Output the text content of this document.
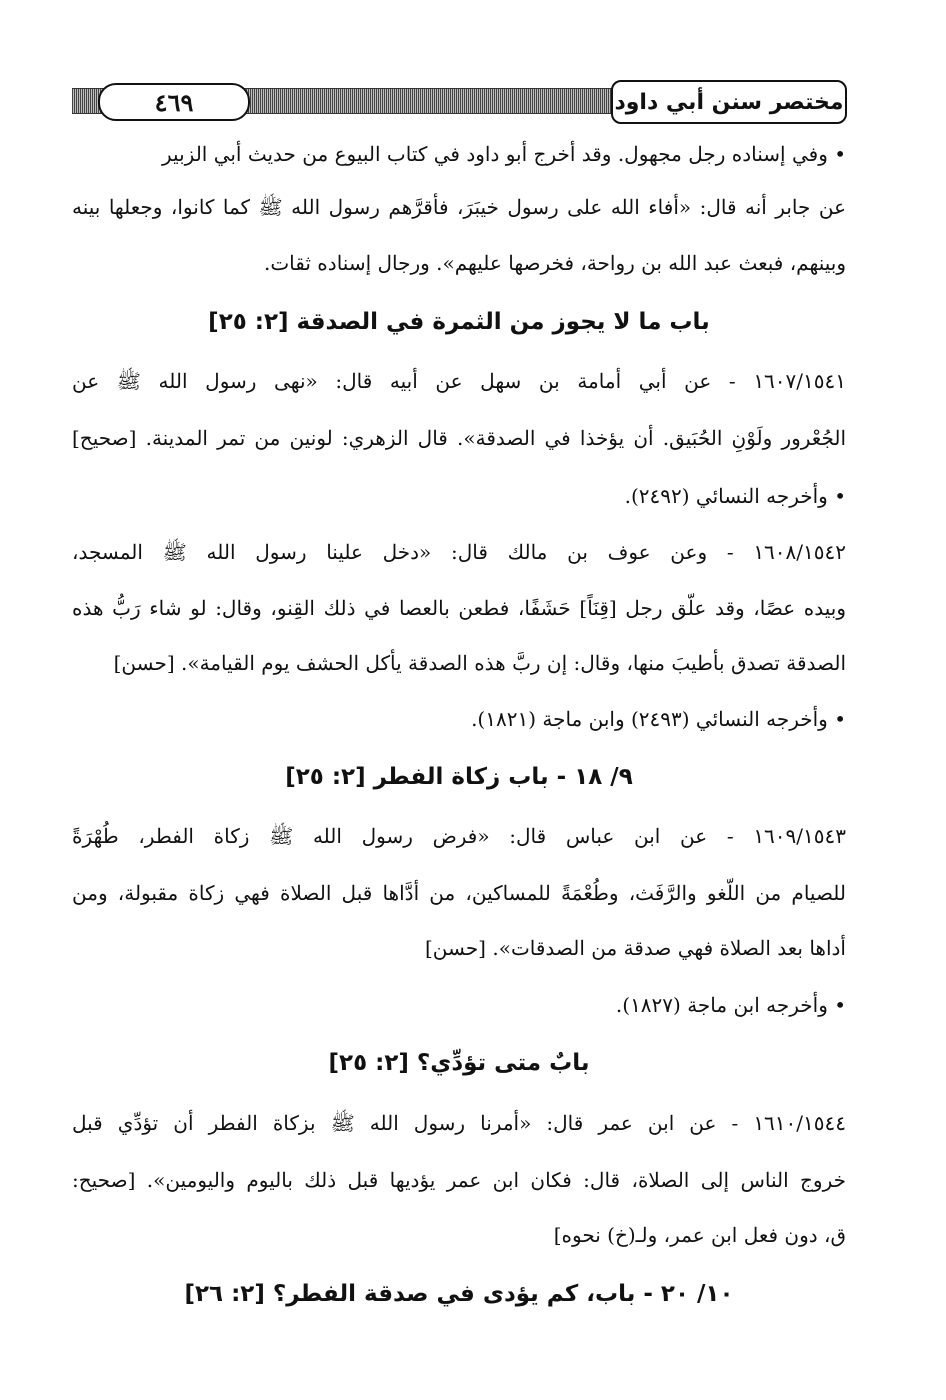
٤٦٩	مختصر سنن أبي داود
• وفي إسناده رجل مجهول. وقد أخرج أبو داود في كتاب البيوع من حديث أبي الزبير
عن جابر أنه قال: «أفاء الله على رسول خيبَرَ، فأقرَّهم رسول الله ﷺ كما كانوا، وجعلها بينه
وبينهم، فبعث عبد الله بن رواحة، فخرصها عليهم». ورجال إسناده ثقات.
باب ما لا يجوز من الثمرة في الصدقة [٢: ٢٥]
١٦٠٧/١٥٤١ - عن أبي أمامة بن سهل عن أبيه قال: «نهى رسول الله ﷺ عن
الجُعْرور ولَوْنِ الحُبَيق. أن يؤخذا في الصدقة». قال الزهري: لونين من تمر المدينة. [صحيح]
• وأخرجه النسائي (٢٤٩٢).
١٦٠٨/١٥٤٢ - وعن عوف بن مالك قال: «دخل علينا رسول الله ﷺ المسجد،
وبيده عصًا، وقد علَّق رجل [قِنَاً] حَشَفًا، فطعن بالعصا في ذلك القِنو، وقال: لو شاء رَبُّ هذه
الصدقة تصدق بأطيبَ منها، وقال: إن ربَّ هذه الصدقة يأكل الحشف يوم القيامة». [حسن]
• وأخرجه النسائي (٢٤٩٣) وابن ماجة (١٨٢١).
٩/ ١٨ - باب زكاة الفطر [٢: ٢٥]
١٦٠٩/١٥٤٣ - عن ابن عباس قال: «فرض رسول الله ﷺ زكاة الفطر، طُهْرَةً
للصيام من اللَّغو والرَّفَث، وطُعْمَةً للمساكين، من أدَّاها قبل الصلاة فهي زكاة مقبولة، ومن
أداها بعد الصلاة فهي صدقة من الصدقات». [حسن]
• وأخرجه ابن ماجة (١٨٢٧).
بابٌ متى تؤدِّي؟ [٢: ٢٥]
١٦١٠/١٥٤٤ - عن ابن عمر قال: «أمرنا رسول الله ﷺ بزكاة الفطر أن تؤدِّي قبل
خروج الناس إلى الصلاة، قال: فكان ابن عمر يؤديها قبل ذلك باليوم واليومين». [صحيح:
ق، دون فعل ابن عمر، ولـ(خ) نحوه]
١٠/ ٢٠ - باب، كم يؤدى في صدقة الفطر؟ [٢: ٢٦]
